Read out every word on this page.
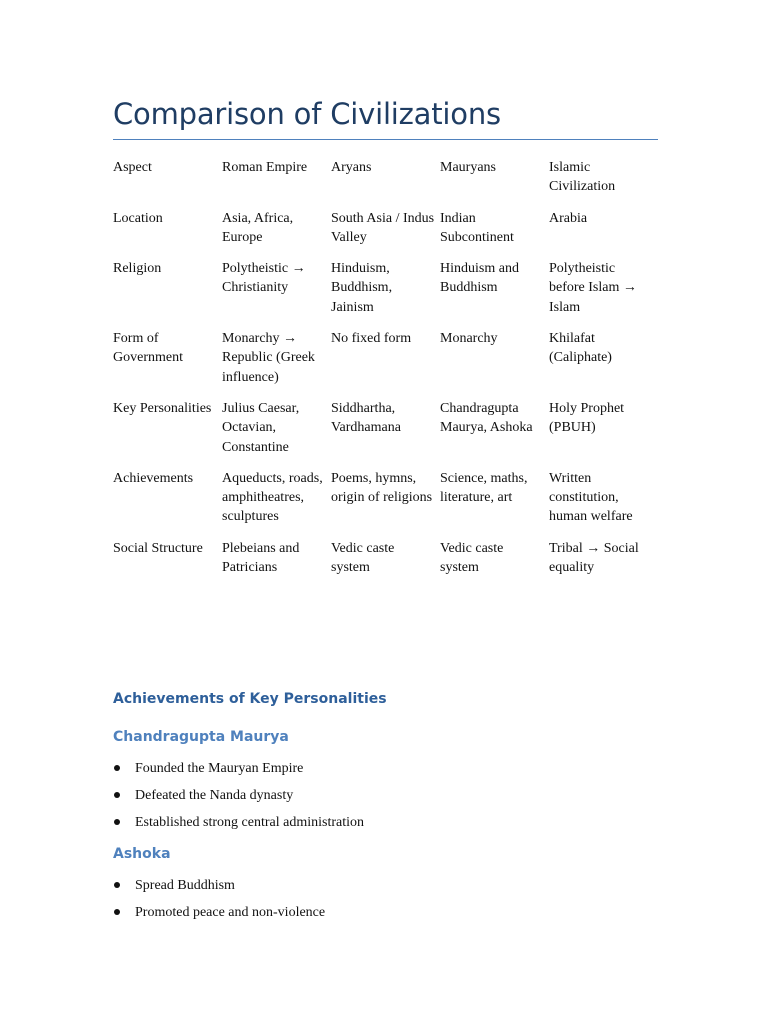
Comparison of Civilizations
Aspect	Roman Empire	Aryans	Mauryans	Islamic Civilization
Location	Asia, Africa, Europe	South Asia / Indus Valley	Indian Subcontinent	Arabia
Religion	Polytheistic → Christianity	Hinduism, Buddhism, Jainism	Hinduism and Buddhism	Polytheistic before Islam → Islam
Form of Government	Monarchy → Republic (Greek influence)	No fixed form	Monarchy	Khilafat (Caliphate)
Key Personalities	Julius Caesar, Octavian, Constantine	Siddhartha, Vardhamana	Chandragupta Maurya, Ashoka	Holy Prophet (PBUH)
Achievements	Aqueducts, roads, amphitheatres, sculptures	Poems, hymns, origin of religions	Science, maths, literature, art	Written constitution, human welfare
Social Structure	Plebeians and Patricians	Vedic caste system	Vedic caste system	Tribal → Social equality
Achievements of Key Personalities
Chandragupta Maurya
Founded the Mauryan Empire
Defeated the Nanda dynasty
Established strong central administration
Ashoka
Spread Buddhism
Promoted peace and non-violence
